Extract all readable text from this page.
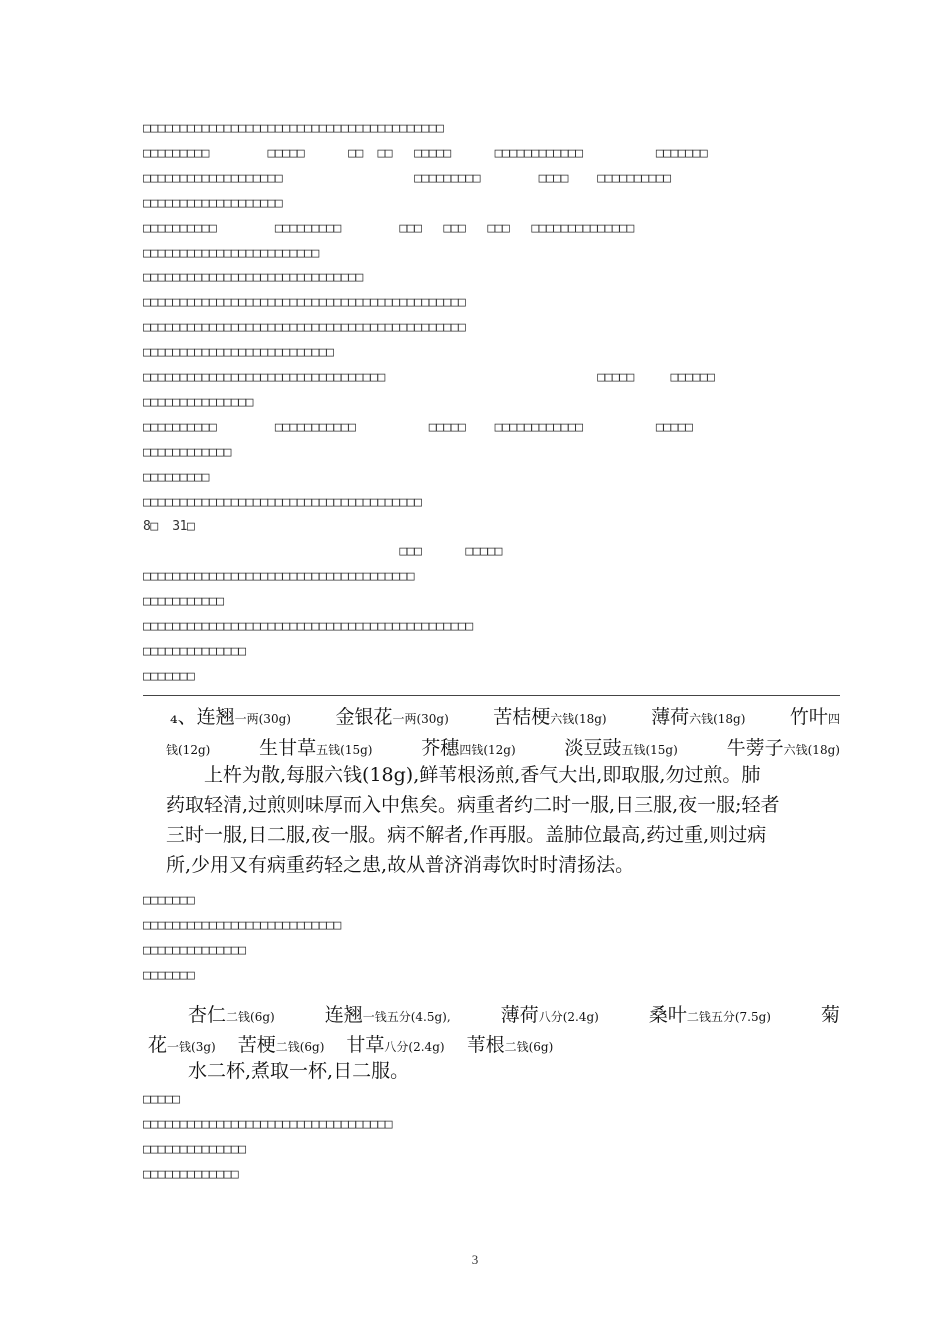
□□□□□□□□□□□□□□□□□□□□□□□□□□□□□□□□□□□□□□□□□
□□□□□□□□□        □□□□□      □□  □□   □□□□□      □□□□□□□□□□□□          □□□□□□□
□□□□□□□□□□□□□□□□□□□                  □□□□□□□□□        □□□□    □□□□□□□□□□
□□□□□□□□□□□□□□□□□□□
□□□□□□□□□□        □□□□□□□□□        □□□   □□□   □□□   □□□□□□□□□□□□□□
□□□□□□□□□□□□□□□□□□□□□□□□
□□□□□□□□□□□□□□□□□□□□□□□□□□□□□□
□□□□□□□□□□□□□□□□□□□□□□□□□□□□□□□□□□□□□□□□□□□□
□□□□□□□□□□□□□□□□□□□□□□□□□□□□□□□□□□□□□□□□□□□□
□□□□□□□□□□□□□□□□□□□□□□□□□□
□□□□□□□□□□□□□□□□□□□□□□□□□□□□□□□□□                             □□□□□     □□□□□□
□□□□□□□□□□□□□□□
□□□□□□□□□□        □□□□□□□□□□□          □□□□□    □□□□□□□□□□□□          □□□□□
□□□□□□□□□□□□
□□□□□□□□□
□□□□□□□□□□□□□□□□□□□□□□□□□□□□□□□□□□□□□□
8□  31□
□□□      □□□□□
□□□□□□□□□□□□□□□□□□□□□□□□□□□□□□□□□□□□□
□□□□□□□□□□□
□□□□□□□□□□□□□□□□□□□□□□□□□□□□□□□□□□□□□□□□□□□□□
□□□□□□□□□□□□□□
□□□□□□□
₄、连翘一两(30g) 金银花一两(30g) 苦桔梗六钱(18g) 薄荷六钱(18g) 竹叶四
钱(12g)	生甘草五钱(15g)	芥穗四钱(12g)	淡豆豉五钱(15g)	牛蒡子六钱(18g)
　　上杵为散,每服六钱(18g),鲜苇根汤煎,香气大出,即取服,勿过煎。肺
药取轻清,过煎则味厚而入中焦矣。病重者约二时一服,日三服,夜一服;轻者
三时一服,日二服,夜一服。病不解者,作再服。盖肺位最高,药过重,则过病
所,少用又有病重药轻之患,故从普济消毒饮时时清扬法。
□□□□□□□
□□□□□□□□□□□□□□□□□□□□□□□□□□□
□□□□□□□□□□□□□□
□□□□□□□
杏仁二钱(6g)	连翘一钱五分(4.5g),	薄荷八分(2.4g)	桑叶二钱五分(7.5g)	菊
花一钱(3g) 苦梗二钱(6g) 甘草八分(2.4g) 苇根二钱(6g)
水二杯,煮取一杯,日二服。
□□□□□
□□□□□□□□□□□□□□□□□□□□□□□□□□□□□□□□□□
□□□□□□□□□□□□□□
□□□□□□□□□□□□□
3
